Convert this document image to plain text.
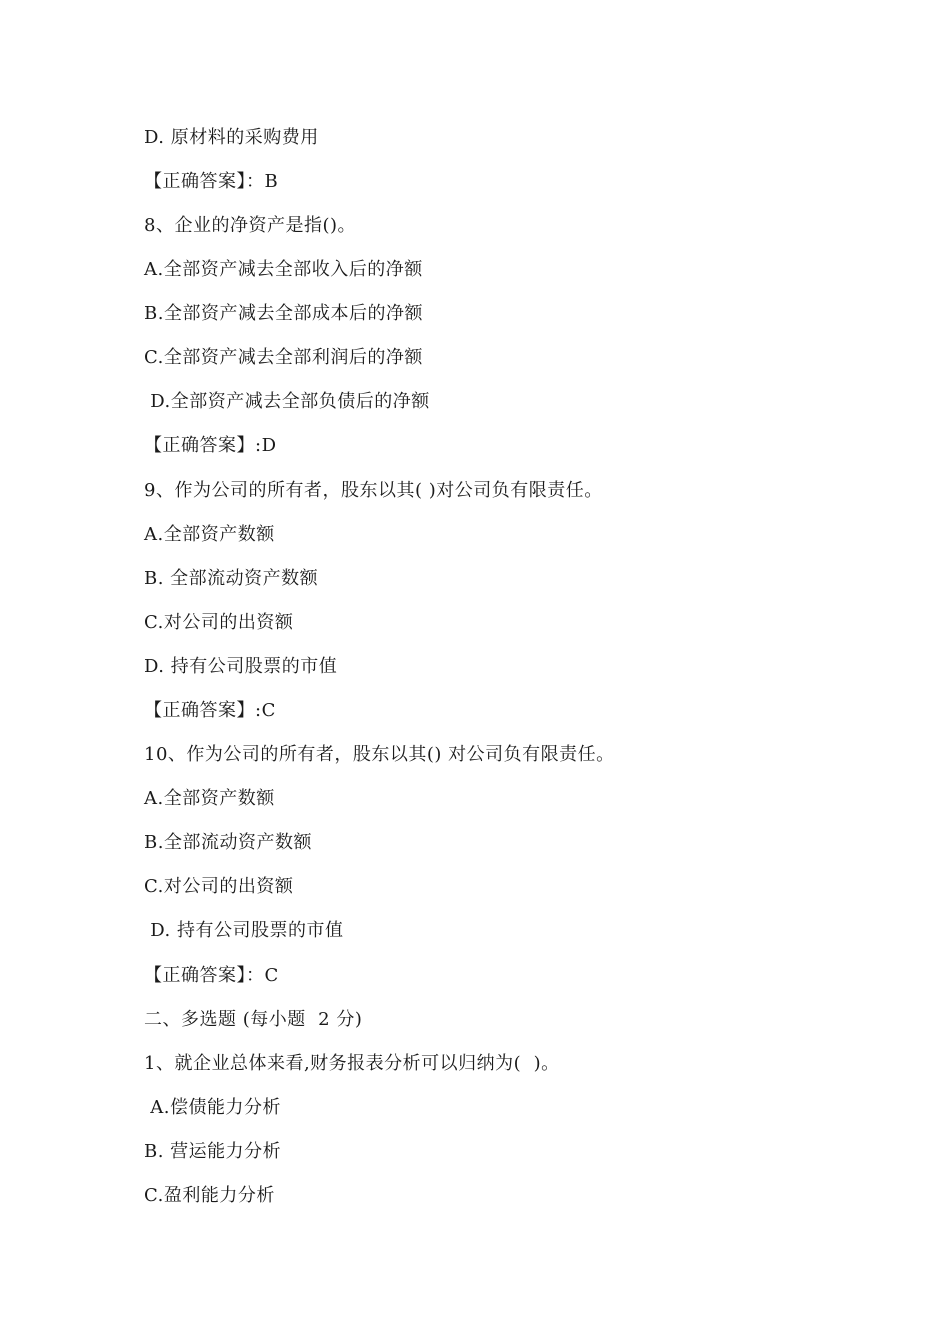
D. 原材料的采购费用
【正确答案】：B
8、企业的净资产是指()。
A.全部资产减去全部收入后的净额
B.全部资产减去全部成本后的净额
C.全部资产减去全部利润后的净额
D.全部资产减去全部负债后的净额
【正确答案】:D
9、作为公司的所有者，股东以其( )对公司负有限责任。
A.全部资产数额
B. 全部流动资产数额
C.对公司的出资额
D. 持有公司股票的市值
【正确答案】:C
10、作为公司的所有者，股东以其() 对公司负有限责任。
A.全部资产数额
B.全部流动资产数额
C.对公司的出资额
D. 持有公司股票的市值
【正确答案】：C
二、多选题 (每小题  2 分)
1、就企业总体来看,财务报表分析可以归纳为(  )。
A.偿债能力分析
B. 营运能力分析
C.盈利能力分析
